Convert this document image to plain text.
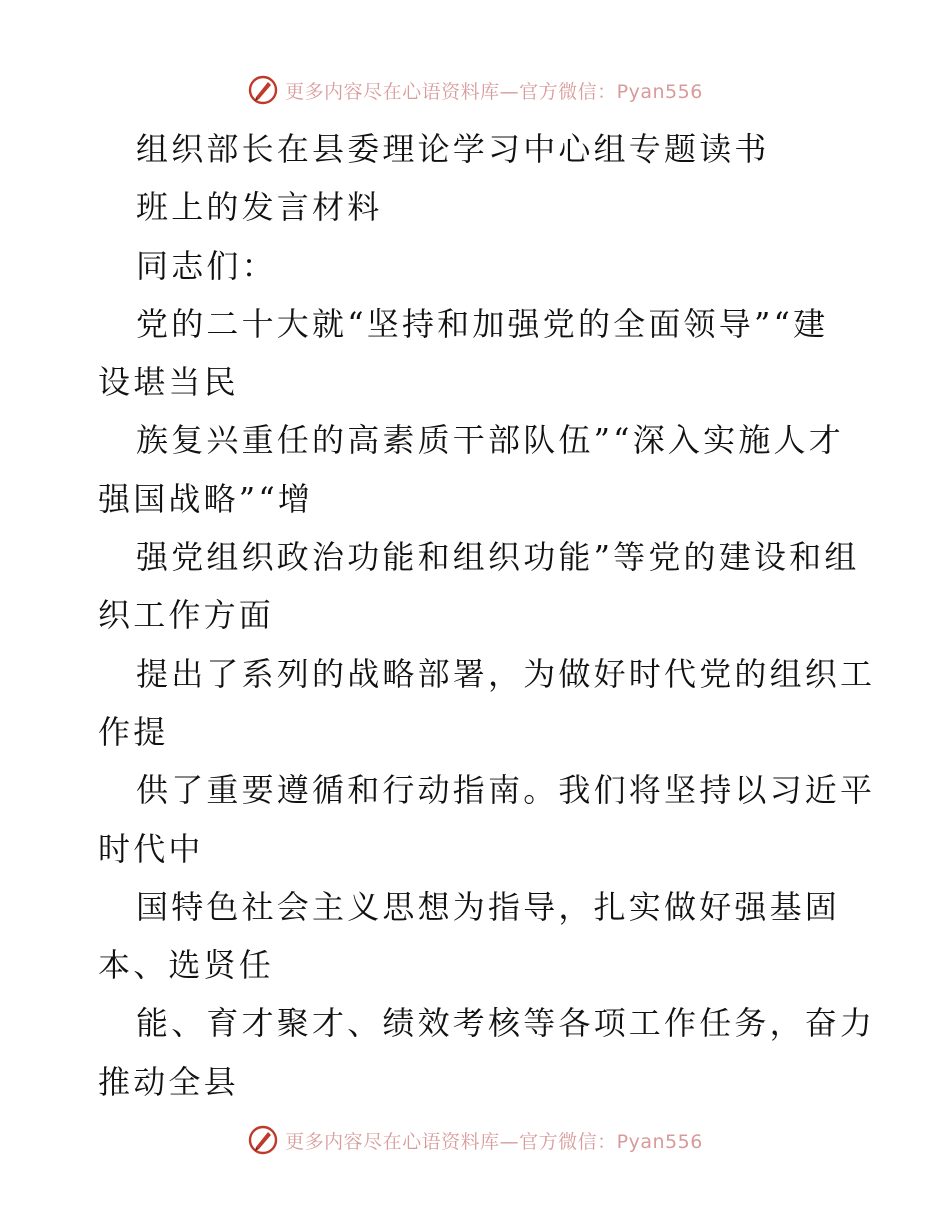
更多内容尽在心语资料库—官方微信：Pyan556
组织部长在县委理论学习中心组专题读书
班上的发言材料
同志们：
党的二十大就“坚持和加强党的全面领导”“建
设堪当民
族复兴重任的高素质干部队伍”“深入实施人才
强国战略”“增
强党组织政治功能和组织功能”等党的建设和组
织工作方面
提出了系列的战略部署，为做好时代党的组织工
作提
供了重要遵循和行动指南。我们将坚持以习近平
时代中
国特色社会主义思想为指导，扎实做好强基固
本、选贤任
能、育才聚才、绩效考核等各项工作任务，奋力
推动全县
更多内容尽在心语资料库—官方微信：Pyan556
